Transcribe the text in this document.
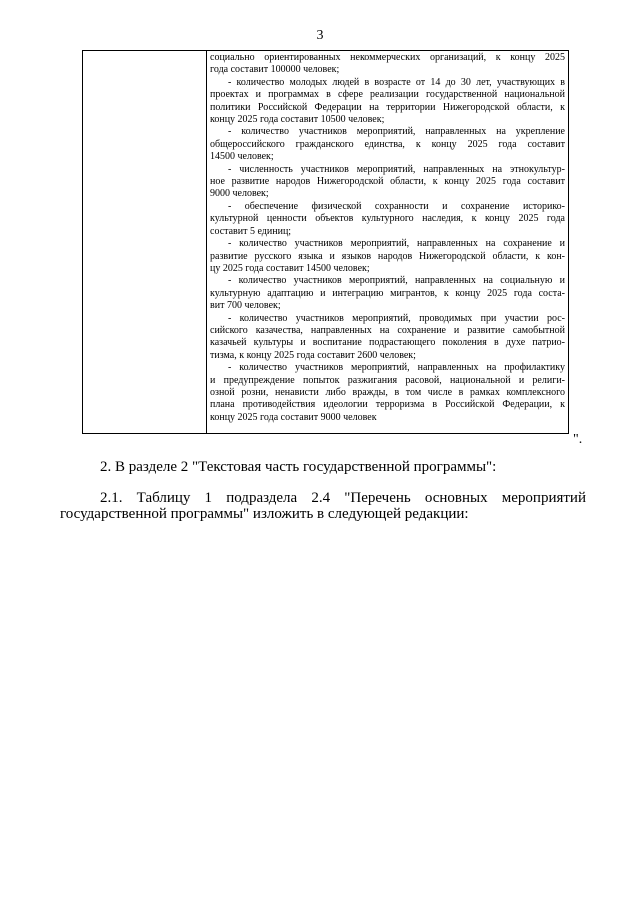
3
социально ориентированных некоммерческих организаций, к концу 2025
года составит 100000 человек;
- количество молодых людей в возрасте от 14 до 30 лет, участвующих в
проектах и программах в сфере реализации государственной национальной
политики Российской Федерации на территории Нижегородской области, к
концу 2025 года составит 10500 человек;
- количество участников мероприятий, направленных на укрепление
общероссийского гражданского единства, к концу 2025 года составит
14500 человек;
- численность участников мероприятий, направленных на этнокультур-
ное развитие народов Нижегородской области, к концу 2025 года составит
9000 человек;
- обеспечение физической сохранности и сохранение историко-
культурной ценности объектов культурного наследия, к концу 2025 года
составит 5 единиц;
- количество участников мероприятий, направленных на сохранение и
развитие русского языка и языков народов Нижегородской области, к кон-
цу 2025 года составит 14500 человек;
- количество участников мероприятий, направленных на социальную и
культурную адаптацию и интеграцию мигрантов, к концу 2025 года соста-
вит 700 человек;
- количество участников мероприятий, проводимых при участии рос-
сийского казачества, направленных на сохранение и развитие самобытной
казачьей культуры и воспитание подрастающего поколения в духе патрио-
тизма, к концу 2025 года составит 2600 человек;
- количество участников мероприятий, направленных на профилактику
и предупреждение попыток разжигания расовой, национальной и религи-
озной розни, ненависти либо вражды, в том числе в рамках комплексного
плана противодействия идеологии терроризма в Российской Федерации, к
концу 2025 года составит 9000 человек
".
2. В разделе 2 "Текстовая часть государственной программы":
2.1. Таблицу 1 подраздела 2.4 "Перечень основных мероприятий
государственной программы" изложить в следующей редакции:
